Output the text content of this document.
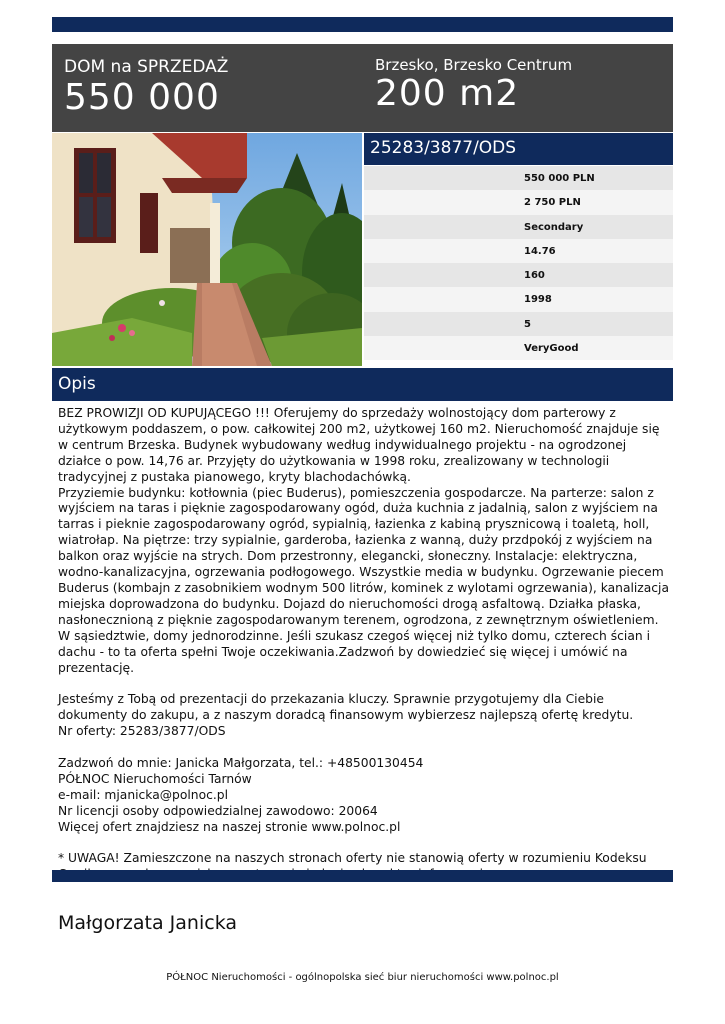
DOM na SPRZEDAŻ
550 000
Brzesko, Brzesko Centrum
200 m2
25283/3877/ODS
550 000 PLN
2 750 PLN
Secondary
14.76
160
1998
5
VeryGood
Opis
BEZ PROWIZJI OD KUPUJĄCEGO !!! Oferujemy do sprzedaży wolnostojący dom parterowy z użytkowym poddaszem, o pow. całkowitej 200 m2, użytkowej 160 m2. Nieruchomość znajduje się w centrum Brzeska. Budynek wybudowany według indywidualnego projektu - na ogrodzonej działce o pow. 14,76 ar. Przyjęty do użytkowania w 1998 roku, zrealizowany w technologii tradycyjnej z pustaka pianowego, kryty blachodachówką.
Przyziemie budynku: kotłownia (piec Buderus), pomieszczenia gospodarcze. Na parterze: salon z wyjściem na taras i pięknie zagospodarowany ogód, duża kuchnia z jadalnią, salon z wyjściem na tarras i pieknie zagospodarowany ogród, sypialnią, łazienka z kabiną prysznicową i toaletą, holl, wiatrołap. Na piętrze: trzy sypialnie, garderoba, łazienka z wanną, duży przdpokój z wyjściem na balkon oraz wyjście na strych. Dom przestronny, elegancki, słoneczny. Instalacje: elektryczna, wodno-kanalizacyjna, ogrzewania podłogowego. Wszystkie media w budynku. Ogrzewanie piecem Buderus (kombajn z zasobnikiem wodnym 500 litrów, kominek z wylotami ogrzewania), kanalizacja miejska doprowadzona do budynku. Dojazd do nieruchomości drogą asfaltową. Działka płaska, nasłonecznioną z pięknie zagospodarowanym terenem, ogrodzona, z zewnętrznym oświetleniem. W sąsiedztwie, domy jednorodzinne. Jeśli szukasz czegoś więcej niż tylko domu, czterech ścian i dachu - to ta oferta spełni Twoje oczekiwania.Zadzwoń by dowiedzieć się więcej i umówić na prezentację.

Jesteśmy z Tobą od prezentacji do przekazania kluczy. Sprawnie przygotujemy dla Ciebie dokumenty do zakupu, a z naszym doradcą finansowym wybierzesz najlepszą ofertę kredytu.
Nr oferty: 25283/3877/ODS

Zadzwoń do mnie: Janicka Małgorzata, tel.: +48500130454
PÓŁNOC Nieruchomości Tarnów
e-mail: mjanicka@polnoc.pl
Nr licencji osoby odpowiedzialnej zawodowo: 20064
Więcej ofert znajdziesz na naszej stronie www.polnoc.pl

* UWAGA! Zamieszczone na naszych stronach oferty nie stanowią oferty w rozumieniu Kodeksu
Małgorzata Janicka
PÓŁNOC Nieruchomości - ogólnopolska sieć biur nieruchomości www.polnoc.pl
